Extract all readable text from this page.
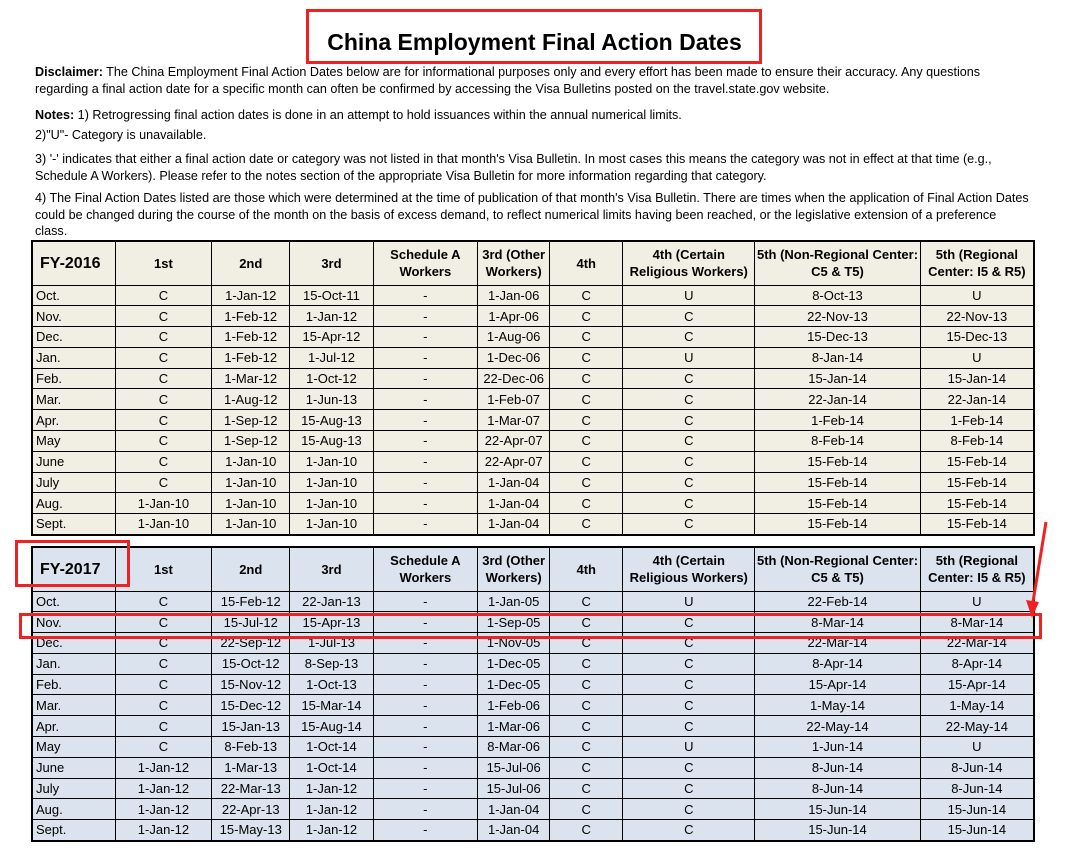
China Employment Final Action Dates
Disclaimer: The China Employment Final Action Dates below are for informational purposes only and every effort has been made to ensure their accuracy. Any questions regarding a final action date for a specific month can often be confirmed by accessing the Visa Bulletins posted on the travel.state.gov website.
Notes: 1) Retrogressing final action dates is done in an attempt to hold issuances within the annual numerical limits.
2)"U"- Category is unavailable.
3) '-' indicates that either a final action date or category was not listed in that month's Visa Bulletin. In most cases this means the category was not in effect at that time (e.g., Schedule A Workers). Please refer to the notes section of the appropriate Visa Bulletin for more information regarding that category.
4) The Final Action Dates listed are those which were determined at the time of publication of that month's Visa Bulletin. There are times when the application of Final Action Dates could be changed during the course of the month on the basis of excess demand, to reflect numerical limits having been reached, or the legislative extension of a preference class.
FY-2016	1st	2nd	3rd	Schedule A Workers	3rd (Other Workers)	4th	4th (Certain Religious Workers)	5th (Non-Regional Center: C5 & T5)	5th (Regional Center: I5 & R5)
Oct.	C	1-Jan-12	15-Oct-11	-	1-Jan-06	C	U	8-Oct-13	U
Nov.	C	1-Feb-12	1-Jan-12	-	1-Apr-06	C	C	22-Nov-13	22-Nov-13
Dec.	C	1-Feb-12	15-Apr-12	-	1-Aug-06	C	C	15-Dec-13	15-Dec-13
Jan.	C	1-Feb-12	1-Jul-12	-	1-Dec-06	C	U	8-Jan-14	U
Feb.	C	1-Mar-12	1-Oct-12	-	22-Dec-06	C	C	15-Jan-14	15-Jan-14
Mar.	C	1-Aug-12	1-Jun-13	-	1-Feb-07	C	C	22-Jan-14	22-Jan-14
Apr.	C	1-Sep-12	15-Aug-13	-	1-Mar-07	C	C	1-Feb-14	1-Feb-14
May	C	1-Sep-12	15-Aug-13	-	22-Apr-07	C	C	8-Feb-14	8-Feb-14
June	C	1-Jan-10	1-Jan-10	-	22-Apr-07	C	C	15-Feb-14	15-Feb-14
July	C	1-Jan-10	1-Jan-10	-	1-Jan-04	C	C	15-Feb-14	15-Feb-14
Aug.	1-Jan-10	1-Jan-10	1-Jan-10	-	1-Jan-04	C	C	15-Feb-14	15-Feb-14
Sept.	1-Jan-10	1-Jan-10	1-Jan-10	-	1-Jan-04	C	C	15-Feb-14	15-Feb-14
FY-2017	1st	2nd	3rd	Schedule A Workers	3rd (Other Workers)	4th	4th (Certain Religious Workers)	5th (Non-Regional Center: C5 & T5)	5th (Regional Center: I5 & R5)
Oct.	C	15-Feb-12	22-Jan-13	-	1-Jan-05	C	U	22-Feb-14	U
Nov.	C	15-Jul-12	15-Apr-13	-	1-Sep-05	C	C	8-Mar-14	8-Mar-14
Dec.	C	22-Sep-12	1-Jul-13	-	1-Nov-05	C	C	22-Mar-14	22-Mar-14
Jan.	C	15-Oct-12	8-Sep-13	-	1-Dec-05	C	C	8-Apr-14	8-Apr-14
Feb.	C	15-Nov-12	1-Oct-13	-	1-Dec-05	C	C	15-Apr-14	15-Apr-14
Mar.	C	15-Dec-12	15-Mar-14	-	1-Feb-06	C	C	1-May-14	1-May-14
Apr.	C	15-Jan-13	15-Aug-14	-	1-Mar-06	C	C	22-May-14	22-May-14
May	C	8-Feb-13	1-Oct-14	-	8-Mar-06	C	U	1-Jun-14	U
June	1-Jan-12	1-Mar-13	1-Oct-14	-	15-Jul-06	C	C	8-Jun-14	8-Jun-14
July	1-Jan-12	22-Mar-13	1-Jan-12	-	15-Jul-06	C	C	8-Jun-14	8-Jun-14
Aug.	1-Jan-12	22-Apr-13	1-Jan-12	-	1-Jan-04	C	C	15-Jun-14	15-Jun-14
Sept.	1-Jan-12	15-May-13	1-Jan-12	-	1-Jan-04	C	C	15-Jun-14	15-Jun-14
